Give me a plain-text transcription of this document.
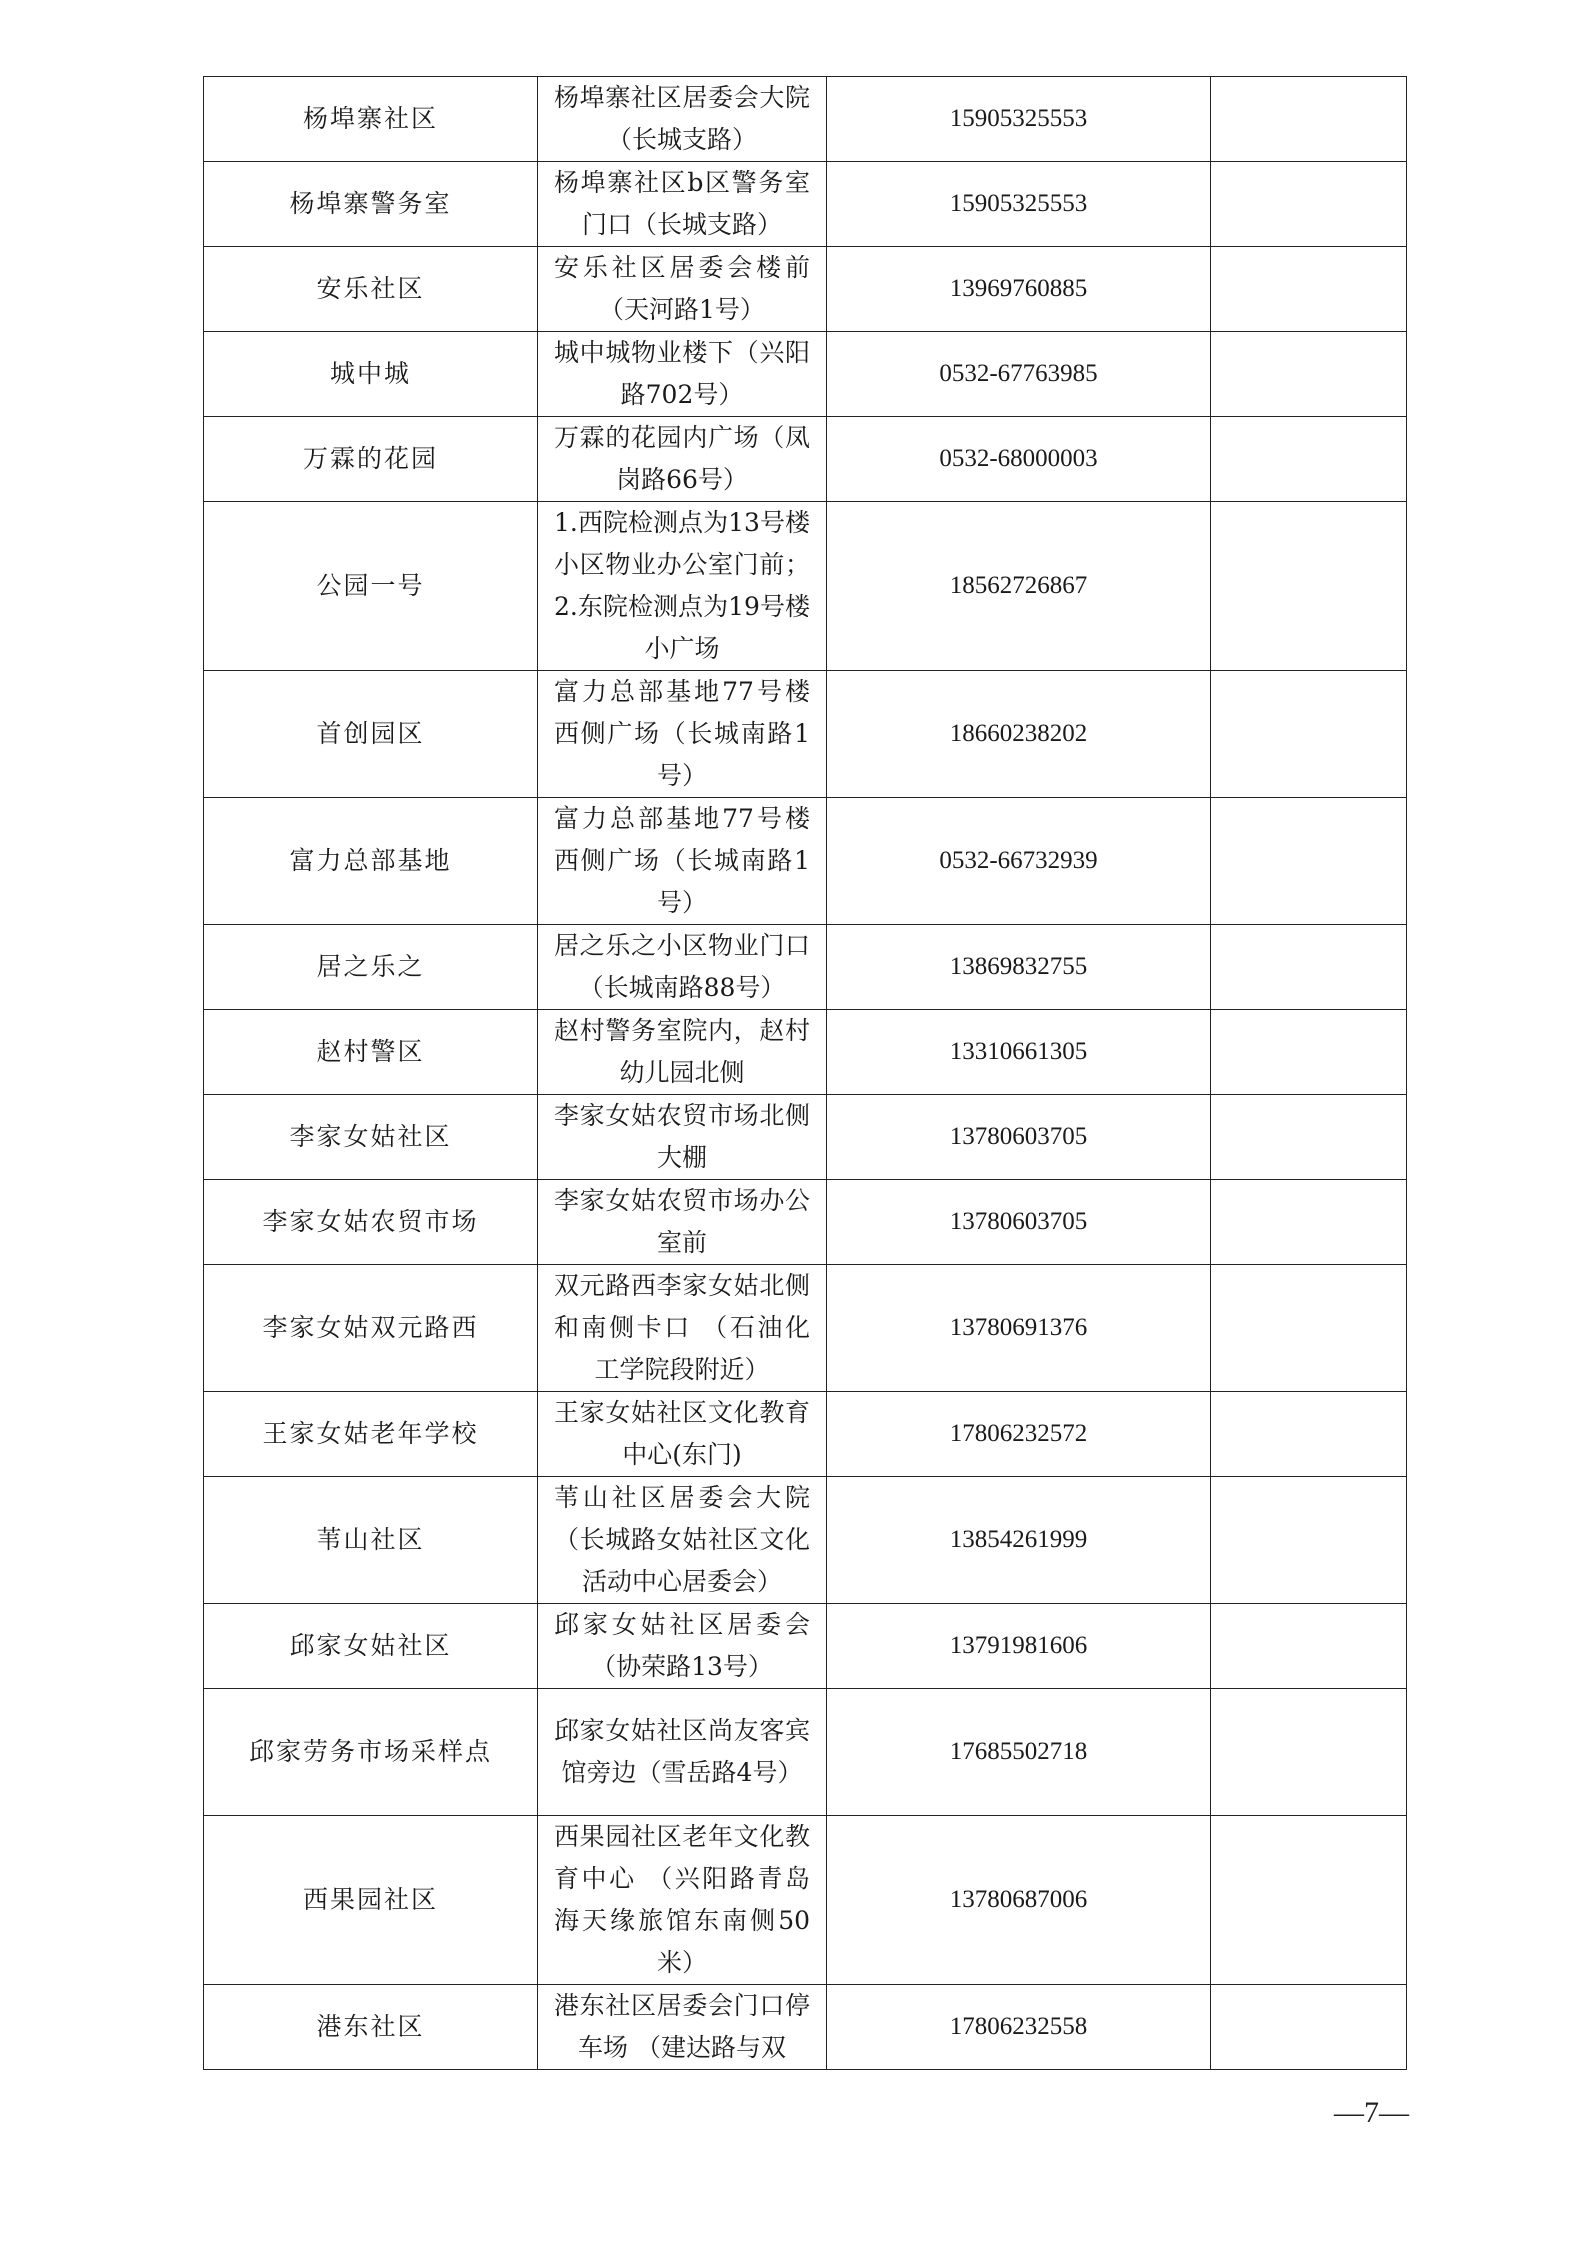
杨埠寨社区	杨埠寨社区居委会大院（长城支路）	15905325553	
杨埠寨警务室	杨埠寨社区b区警务室门口（长城支路）	15905325553	
安乐社区	安乐社区居委会楼前（天河路1号）	13969760885	
城中城	城中城物业楼下（兴阳路702号）	0532-67763985	
万霖的花园	万霖的花园内广场（凤岗路66号）	0532-68000003	
公园一号	1.西院检测点为13号楼小区物业办公室门前；2.东院检测点为19号楼小广场	18562726867	
首创园区	富力总部基地77号楼西侧广场（长城南路1号）	18660238202	
富力总部基地	富力总部基地77号楼西侧广场（长城南路1号）	0532-66732939	
居之乐之	居之乐之小区物业门口（长城南路88号）	13869832755	
赵村警区	赵村警务室院内，赵村幼儿园北侧	13310661305	
李家女姑社区	李家女姑农贸市场北侧大棚	13780603705	
李家女姑农贸市场	李家女姑农贸市场办公室前	13780603705	
李家女姑双元路西	双元路西李家女姑北侧和南侧卡口 （石油化工学院段附近）	13780691376	
王家女姑老年学校	王家女姑社区文化教育中心(东门)	17806232572	
苇山社区	苇山社区居委会大院（长城路女姑社区文化活动中心居委会）	13854261999	
邱家女姑社区	邱家女姑社区居委会（协荣路13号）	13791981606	
邱家劳务市场采样点	邱家女姑社区尚友客宾馆旁边（雪岳路4号）	17685502718	
西果园社区	西果园社区老年文化教育中心 （兴阳路青岛海天缘旅馆东南侧50米）	13780687006	
港东社区	港东社区居委会门口停车场 （建达路与双	17806232558	
—7—
